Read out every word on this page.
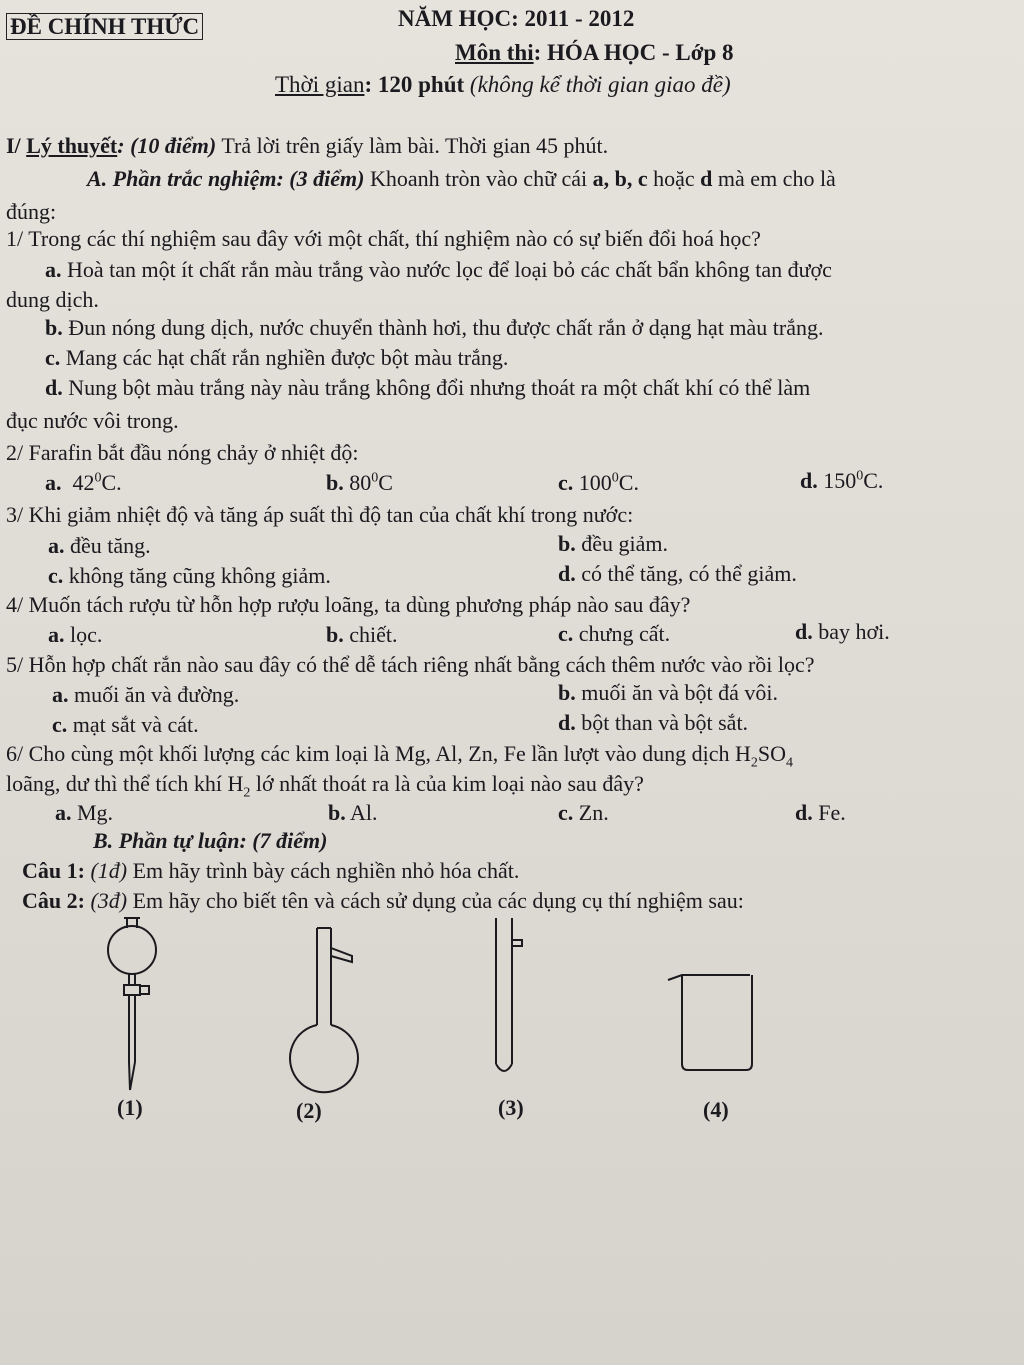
ĐỀ CHÍNH THỨC	NĂM HỌC: 2011 - 2012
Môn thi: HÓA HỌC - Lớp 8
Thời gian: 120 phút (không kể thời gian giao đề)
I/ Lý thuyết: (10 điểm) Trả lời trên giấy làm bài. Thời gian 45 phút.
A. Phần trắc nghiệm: (3 điểm) Khoanh tròn vào chữ cái a, b, c hoặc d mà em cho là
đúng:
1/ Trong các thí nghiệm sau đây với một chất, thí nghiệm nào có sự biến đổi hoá học?
a. Hoà tan một ít chất rắn màu trắng vào nước lọc để loại bỏ các chất bẩn không tan được
dung dịch.
b. Đun nóng dung dịch, nước chuyển thành hơi, thu được chất rắn ở dạng hạt màu trắng.
c. Mang các hạt chất rắn nghiền được bột màu trắng.
d. Nung bột màu trắng này nàu trắng không đổi nhưng thoát ra một chất khí có thể làm
đục nước vôi trong.
2/ Farafin bắt đầu nóng chảy ở nhiệt độ:
a. $42^0C$.	b. $80^0C$	c. $100^0C$.	d. $150^0C$.
3/ Khi giảm nhiệt độ và tăng áp suất thì độ tan của chất khí trong nước:
a. đều tăng.	b. đều giảm.
c. không tăng cũng không giảm.	d. có thể tăng, có thể giảm.
4/ Muốn tách rượu từ hỗn hợp rượu loãng, ta dùng phương pháp nào sau đây?
a. lọc.	b. chiết.	c. chưng cất.	d. bay hơi.
5/ Hỗn hợp chất rắn nào sau đây có thể dễ tách riêng nhất bằng cách thêm nước vào rồi lọc?
a. muối ăn và đường.	b. muối ăn và bột đá vôi.
c. mạt sắt và cát.	d. bột than và bột sắt.
6/ Cho cùng một khối lượng các kim loại là Mg, Al, Zn, Fe lần lượt vào dung dịch $H_2SO_4$
loãng, dư thì thể tích khí $H_2$ lớ nhất thoát ra là của kim loại nào sau đây?
a. Mg.	b. Al.	c. Zn.	d. Fe.
B. Phần tự luận: (7 điểm)
Câu 1: (1đ) Em hãy trình bày cách nghiền nhỏ hóa chất.
Câu 2: (3đ) Em hãy cho biết tên và cách sử dụng của các dụng cụ thí nghiệm sau:
(1)	(2)	(3)	(4)
